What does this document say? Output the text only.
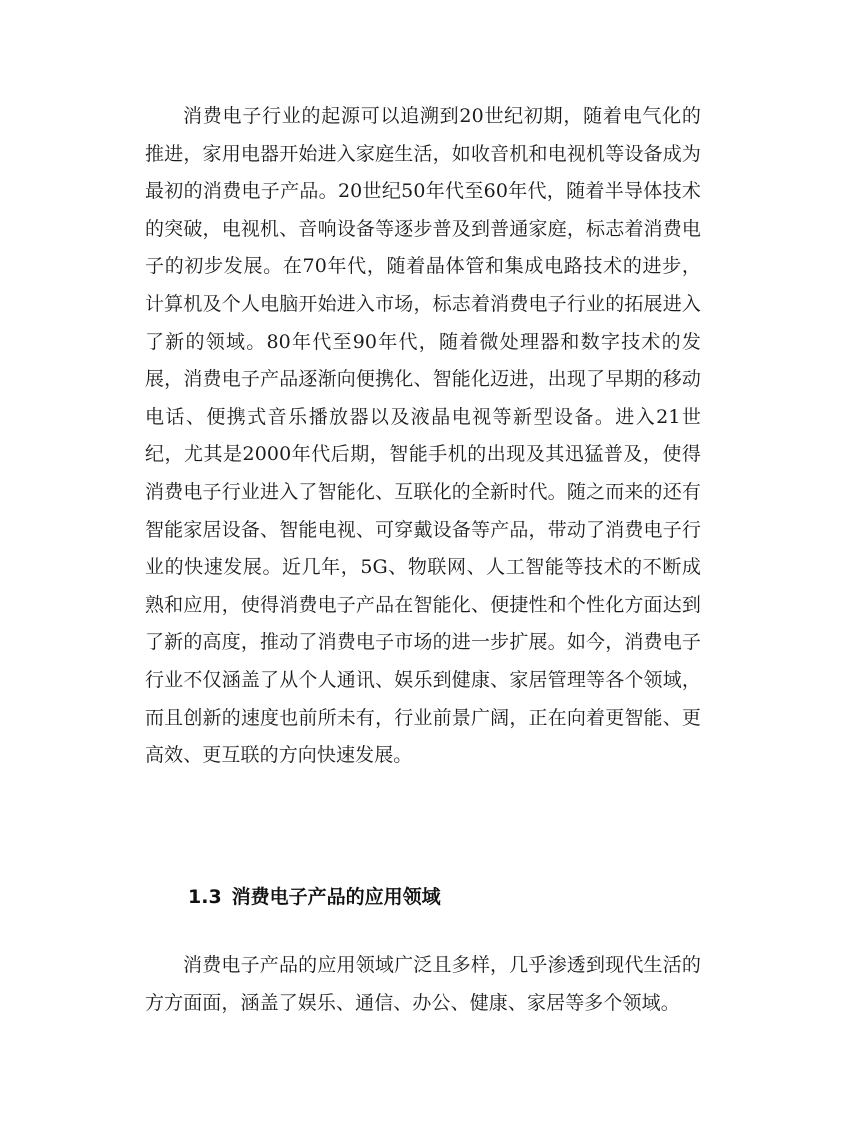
消费电子行业的起源可以追溯到20世纪初期，随着电气化的推进，家用电器开始进入家庭生活，如收音机和电视机等设备成为最初的消费电子产品。20世纪50年代至60年代，随着半导体技术的突破，电视机、音响设备等逐步普及到普通家庭，标志着消费电子的初步发展。在70年代，随着晶体管和集成电路技术的进步，计算机及个人电脑开始进入市场，标志着消费电子行业的拓展进入了新的领域。80年代至90年代，随着微处理器和数字技术的发展，消费电子产品逐渐向便携化、智能化迈进，出现了早期的移动电话、便携式音乐播放器以及液晶电视等新型设备。进入21世纪，尤其是2000年代后期，智能手机的出现及其迅猛普及，使得消费电子行业进入了智能化、互联化的全新时代。随之而来的还有智能家居设备、智能电视、可穿戴设备等产品，带动了消费电子行业的快速发展。近几年，5G、物联网、人工智能等技术的不断成熟和应用，使得消费电子产品在智能化、便捷性和个性化方面达到了新的高度，推动了消费电子市场的进一步扩展。如今，消费电子行业不仅涵盖了从个人通讯、娱乐到健康、家居管理等各个领域，而且创新的速度也前所未有，行业前景广阔，正在向着更智能、更高效、更互联的方向快速发展。

1.3 消费电子产品的应用领域

消费电子产品的应用领域广泛且多样，几乎渗透到现代生活的方方面面，涵盖了娱乐、通信、办公、健康、家居等多个领域。
